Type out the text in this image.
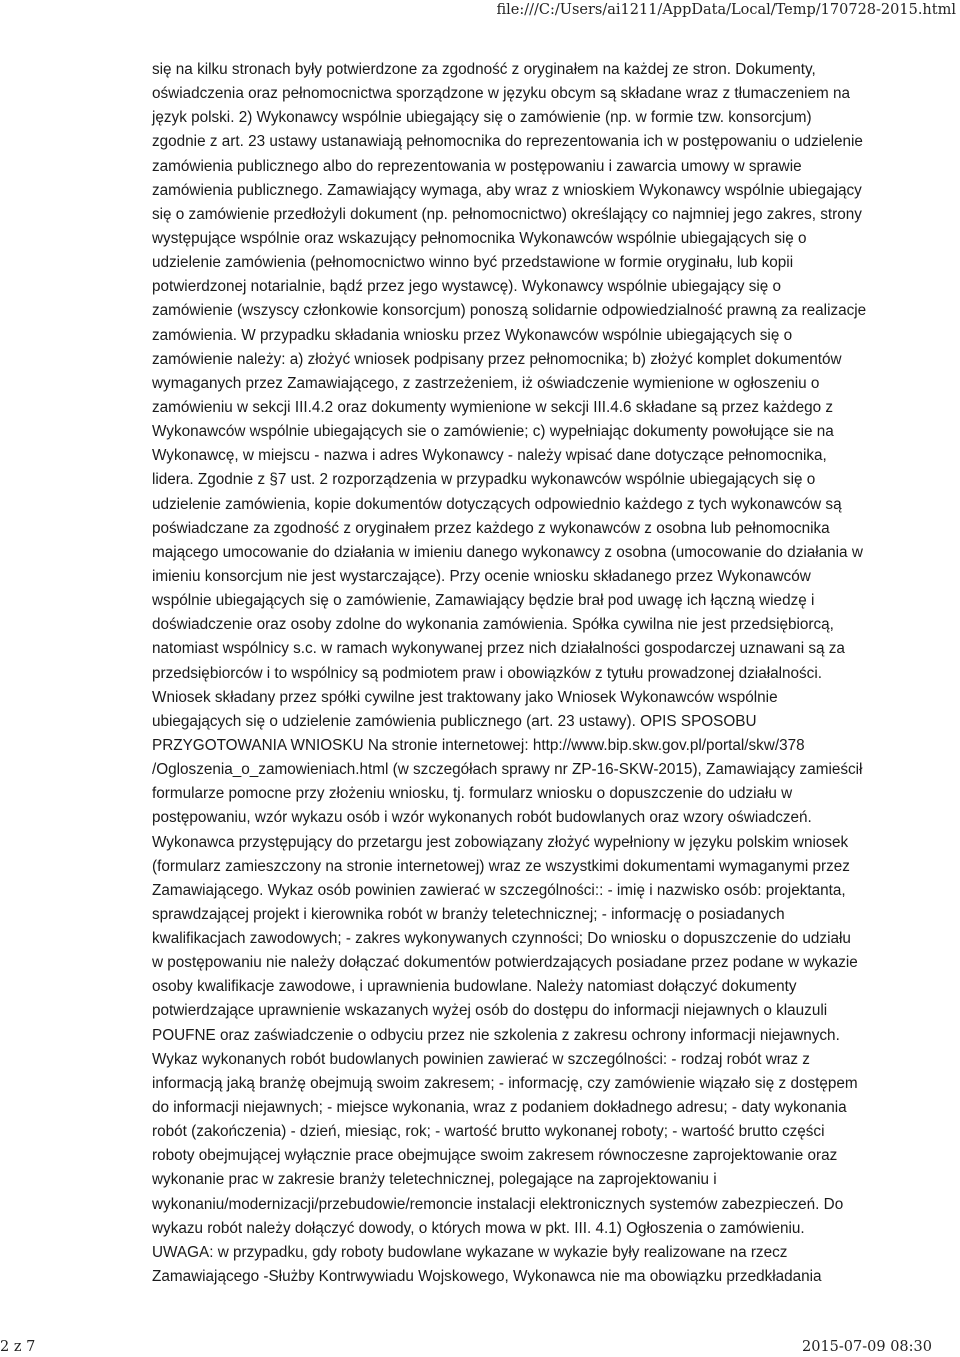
file:///C:/Users/ai1211/AppData/Local/Temp/170728-2015.html
się na kilku stronach były potwierdzone za zgodność z oryginałem na każdej ze stron. Dokumenty,
oświadczenia oraz pełnomocnictwa sporządzone w języku obcym są składane wraz z tłumaczeniem na
język polski. 2) Wykonawcy wspólnie ubiegający się o zamówienie (np. w formie tzw. konsorcjum)
zgodnie z art. 23 ustawy ustanawiają pełnomocnika do reprezentowania ich w postępowaniu o udzielenie
zamówienia publicznego albo do reprezentowania w postępowaniu i zawarcia umowy w sprawie
zamówienia publicznego. Zamawiający wymaga, aby wraz z wnioskiem Wykonawcy wspólnie ubiegający
się o zamówienie przedłożyli dokument (np. pełnomocnictwo) określający co najmniej jego zakres, strony
występujące wspólnie oraz wskazujący pełnomocnika Wykonawców wspólnie ubiegających się o
udzielenie zamówienia (pełnomocnictwo winno być przedstawione w formie oryginału, lub kopii
potwierdzonej notarialnie, bądź przez jego wystawcę). Wykonawcy wspólnie ubiegający się o
zamówienie (wszyscy członkowie konsorcjum) ponoszą solidarnie odpowiedzialność prawną za realizacje
zamówienia. W przypadku składania wniosku przez Wykonawców wspólnie ubiegających się o
zamówienie należy: a) złożyć wniosek podpisany przez pełnomocnika; b) złożyć komplet dokumentów
wymaganych przez Zamawiającego, z zastrzeżeniem, iż oświadczenie wymienione w ogłoszeniu o
zamówieniu w sekcji III.4.2 oraz dokumenty wymienione w sekcji III.4.6 składane są przez każdego z
Wykonawców wspólnie ubiegających sie o zamówienie; c) wypełniając dokumenty powołujące sie na
Wykonawcę, w miejscu - nazwa i adres Wykonawcy - należy wpisać dane dotyczące pełnomocnika,
lidera. Zgodnie z §7 ust. 2 rozporządzenia w przypadku wykonawców wspólnie ubiegających się o
udzielenie zamówienia, kopie dokumentów dotyczących odpowiednio każdego z tych wykonawców są
poświadczane za zgodność z oryginałem przez każdego z wykonawców z osobna lub pełnomocnika
mającego umocowanie do działania w imieniu danego wykonawcy z osobna (umocowanie do działania w
imieniu konsorcjum nie jest wystarczające). Przy ocenie wniosku składanego przez Wykonawców
wspólnie ubiegających się o zamówienie, Zamawiający będzie brał pod uwagę ich łączną wiedzę i
doświadczenie oraz osoby zdolne do wykonania zamówienia. Spółka cywilna nie jest przedsiębiorcą,
natomiast wspólnicy s.c. w ramach wykonywanej przez nich działalności gospodarczej uznawani są za
przedsiębiorców i to wspólnicy są podmiotem praw i obowiązków z tytułu prowadzonej działalności.
Wniosek składany przez spółki cywilne jest traktowany jako Wniosek Wykonawców wspólnie
ubiegających się o udzielenie zamówienia publicznego (art. 23 ustawy). OPIS SPOSOBU
PRZYGOTOWANIA WNIOSKU Na stronie internetowej: http://www.bip.skw.gov.pl/portal/skw/378
/Ogloszenia_o_zamowieniach.html (w szczegółach sprawy nr ZP-16-SKW-2015), Zamawiający zamieścił
formularze pomocne przy złożeniu wniosku, tj. formularz wniosku o dopuszczenie do udziału w
postępowaniu, wzór wykazu osób i wzór wykonanych robót budowlanych oraz wzory oświadczeń.
Wykonawca przystępujący do przetargu jest zobowiązany złożyć wypełniony w języku polskim wniosek
(formularz zamieszczony na stronie internetowej) wraz ze wszystkimi dokumentami wymaganymi przez
Zamawiającego. Wykaz osób powinien zawierać w szczególności:: - imię i nazwisko osób: projektanta,
sprawdzającej projekt i kierownika robót w branży teletechnicznej; - informację o posiadanych
kwalifikacjach zawodowych; - zakres wykonywanych czynności; Do wniosku o dopuszczenie do udziału
w postępowaniu nie należy dołączać dokumentów potwierdzających posiadane przez podane w wykazie
osoby kwalifikacje zawodowe, i uprawnienia budowlane. Należy natomiast dołączyć dokumenty
potwierdzające uprawnienie wskazanych wyżej osób do dostępu do informacji niejawnych o klauzuli
POUFNE oraz zaświadczenie o odbyciu przez nie szkolenia z zakresu ochrony informacji niejawnych.
Wykaz wykonanych robót budowlanych powinien zawierać w szczególności: - rodzaj robót wraz z
informacją jaką branżę obejmują swoim zakresem; - informację, czy zamówienie wiązało się z dostępem
do informacji niejawnych; - miejsce wykonania, wraz z podaniem dokładnego adresu; - daty wykonania
robót (zakończenia) - dzień, miesiąc, rok; - wartość brutto wykonanej roboty; - wartość brutto części
roboty obejmującej wyłącznie prace obejmujące swoim zakresem równoczesne zaprojektowanie oraz
wykonanie prac w zakresie branży teletechnicznej, polegające na zaprojektowaniu i
wykonaniu/modernizacji/przebudowie/remoncie instalacji elektronicznych systemów zabezpieczeń. Do
wykazu robót należy dołączyć dowody, o których mowa w pkt. III. 4.1) Ogłoszenia o zamówieniu.
UWAGA: w przypadku, gdy roboty budowlane wykazane w wykazie były realizowane na rzecz
Zamawiającego -Służby Kontrwywiadu Wojskowego, Wykonawca nie ma obowiązku przedkładania
2 z 7	2015-07-09 08:30
